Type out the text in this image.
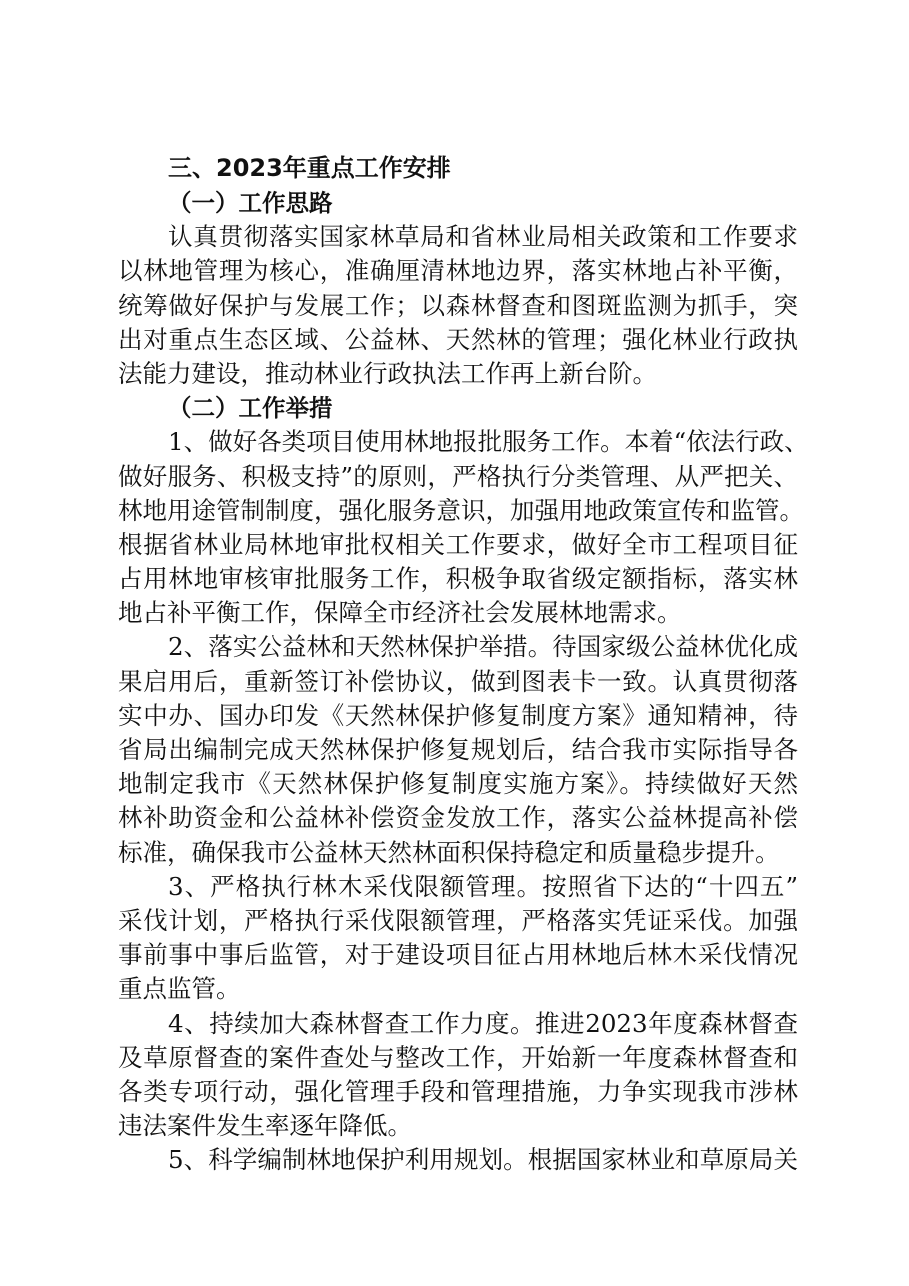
三、2023年重点工作安排
（一）工作思路
认真贯彻落实国家林草局和省林业局相关政策和工作要求
以林地管理为核心，准确厘清林地边界，落实林地占补平衡，
统筹做好保护与发展工作；以森林督查和图斑监测为抓手，突
出对重点生态区域、公益林、天然林的管理；强化林业行政执
法能力建设，推动林业行政执法工作再上新台阶。
（二）工作举措
1、做好各类项目使用林地报批服务工作。本着“依法行政、
做好服务、积极支持”的原则，严格执行分类管理、从严把关、
林地用途管制制度，强化服务意识，加强用地政策宣传和监管。
根据省林业局林地审批权相关工作要求，做好全市工程项目征
占用林地审核审批服务工作，积极争取省级定额指标，落实林
地占补平衡工作，保障全市经济社会发展林地需求。
2、落实公益林和天然林保护举措。待国家级公益林优化成
果启用后，重新签订补偿协议，做到图表卡一致。认真贯彻落
实中办、国办印发《天然林保护修复制度方案》通知精神，待
省局出编制完成天然林保护修复规划后，结合我市实际指导各
地制定我市《天然林保护修复制度实施方案》。持续做好天然
林补助资金和公益林补偿资金发放工作，落实公益林提高补偿
标准，确保我市公益林天然林面积保持稳定和质量稳步提升。
3、严格执行林木采伐限额管理。按照省下达的“十四五”
采伐计划，严格执行采伐限额管理，严格落实凭证采伐。加强
事前事中事后监管，对于建设项目征占用林地后林木采伐情况
重点监管。
4、持续加大森林督查工作力度。推进2023年度森林督查
及草原督查的案件查处与整改工作，开始新一年度森林督查和
各类专项行动，强化管理手段和管理措施，力争实现我市涉林
违法案件发生率逐年降低。
5、科学编制林地保护利用规划。根据国家林业和草原局关
